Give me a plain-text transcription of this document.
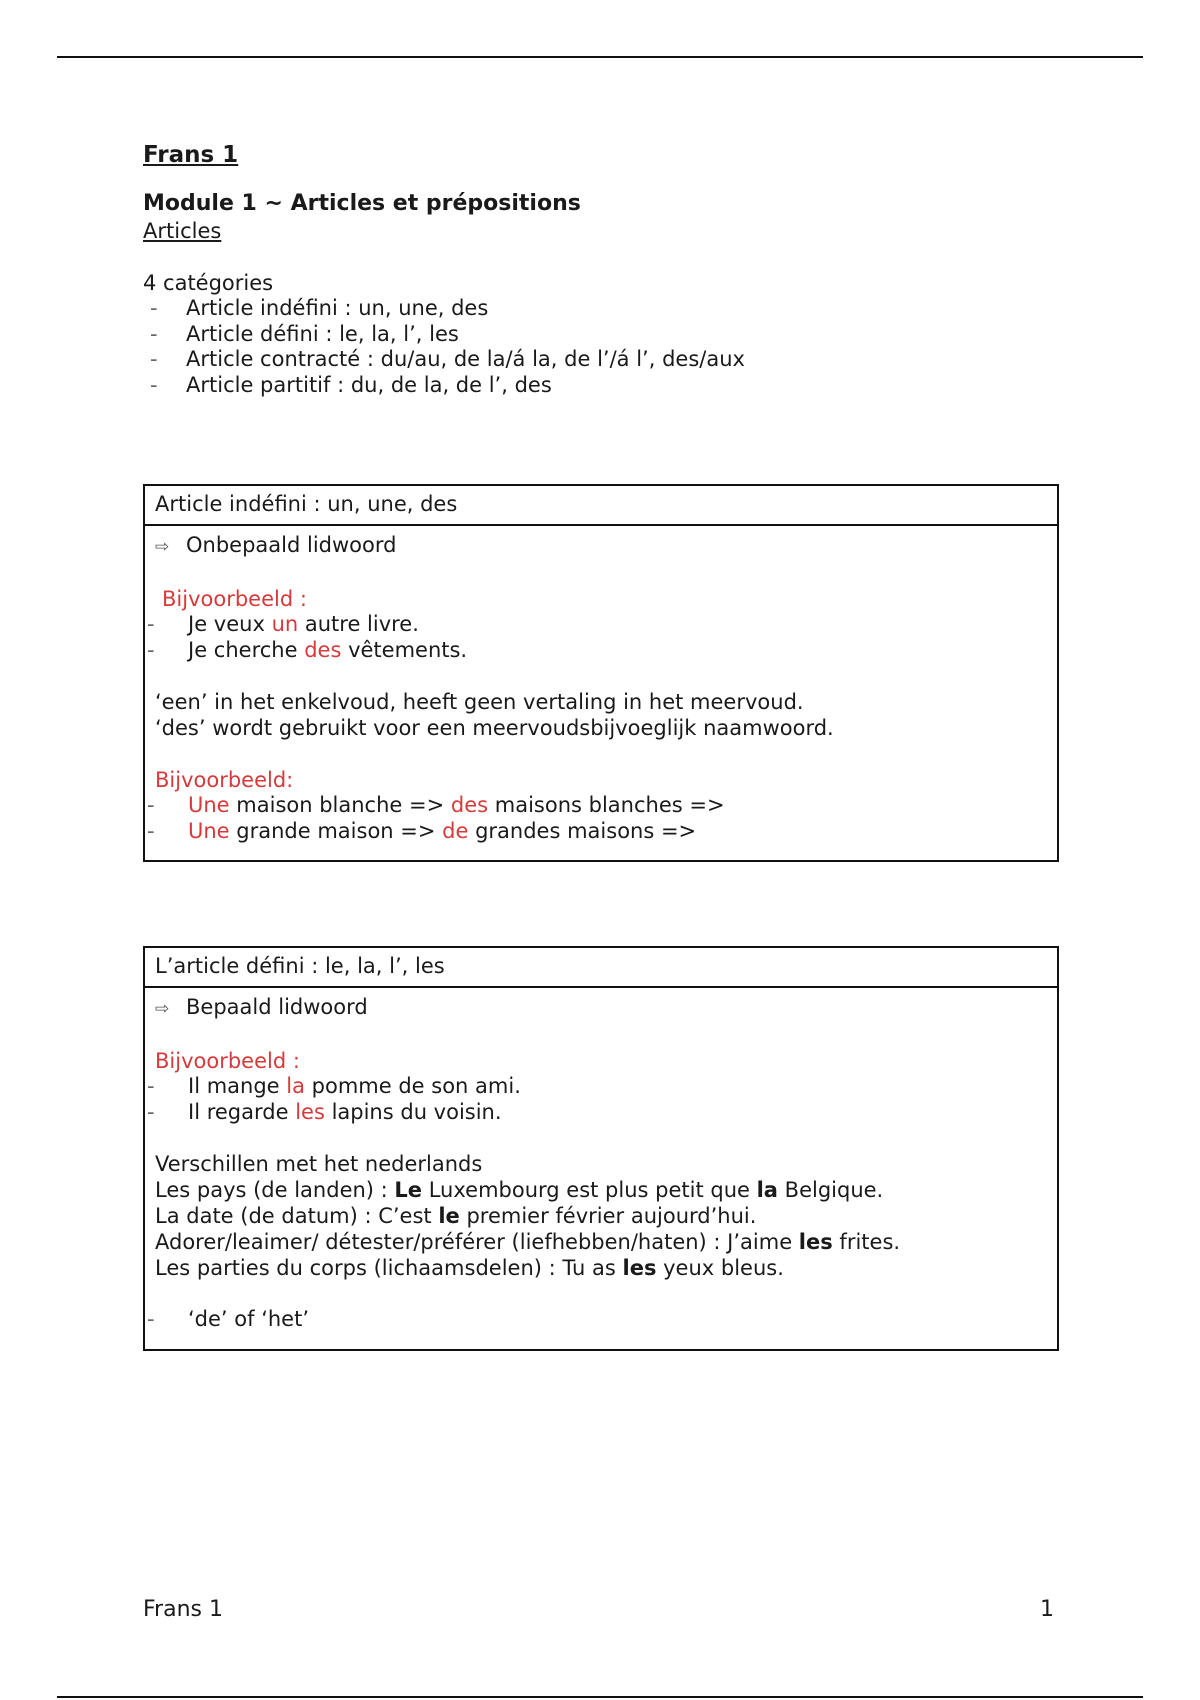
Frans 1
Module 1 ~ Articles et prépositions
Articles
4 catégories
- Article indéfini : un, une, des
- Article défini : le, la, l’, les
- Article contracté : du/au, de la/á la, de l’/á l’, des/aux
- Article partitif : du, de la, de l’, des
Article indéfini : un, une, des
⇨ Onbepaald lidwoord
Bijvoorbeeld :
- Je veux un autre livre.
- Je cherche des vêtements.
‘een’ in het enkelvoud, heeft geen vertaling in het meervoud.
‘des’ wordt gebruikt voor een meervoudsbijvoeglijk naamwoord.
Bijvoorbeeld:
- Une maison blanche => des maisons blanches =>
- Une grande maison => de grandes maisons =>
L’article défini : le, la, l’, les
⇨ Bepaald lidwoord
Bijvoorbeeld :
- Il mange la pomme de son ami.
- Il regarde les lapins du voisin.
Verschillen met het nederlands
Les pays (de landen) : Le Luxembourg est plus petit que la Belgique.
La date (de datum) : C’est le premier février aujourd’hui.
Adorer/leaimer/ détester/préférer (liefhebben/haten) : J’aime les frites.
Les parties du corps (lichaamsdelen) : Tu as les yeux bleus.
- ‘de’ of ‘het’
Frans 1	1
